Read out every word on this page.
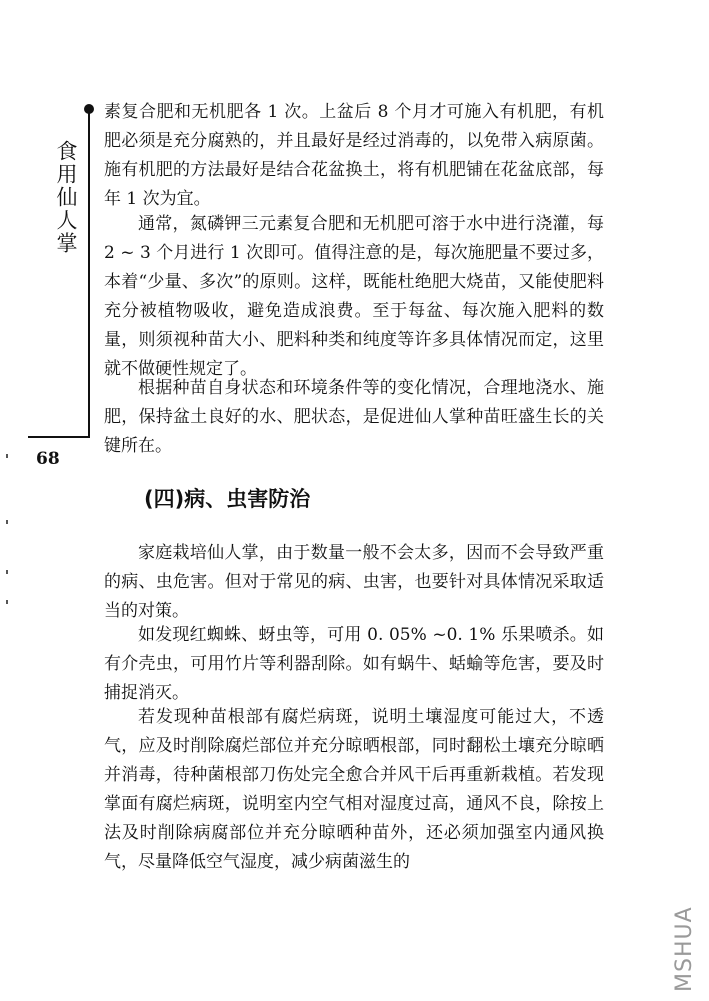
食用仙人掌
68

素复合肥和无机肥各 1 次。上盆后 8 个月才可施入有机肥，有机肥必须是充分腐熟的，并且最好是经过消毒的，以免带入病原菌。施有机肥的方法最好是结合花盆换土，将有机肥铺在花盆底部，每年 1 次为宜。

通常，氮磷钾三元素复合肥和无机肥可溶于水中进行浇灌，每 2 ~ 3 个月进行 1 次即可。值得注意的是，每次施肥量不要过多，本着“少量、多次”的原则。这样，既能杜绝肥大烧苗，又能使肥料充分被植物吸收，避免造成浪费。至于每盆、每次施入肥料的数量，则须视种苗大小、肥料种类和纯度等许多具体情况而定，这里就不做硬性规定了。

根据种苗自身状态和环境条件等的变化情况，合理地浇水、施肥，保持盆土良好的水、肥状态，是促进仙人掌种苗旺盛生长的关键所在。

(四)病、虫害防治

家庭栽培仙人掌，由于数量一般不会太多，因而不会导致严重的病、虫危害。但对于常见的病、虫害，也要针对具体情况采取适当的对策。

如发现红蜘蛛、蚜虫等，可用 0. 05% ~0. 1% 乐果喷杀。如有介壳虫，可用竹片等利器刮除。如有蜗牛、蛞蝓等危害，要及时捕捉消灭。

若发现种苗根部有腐烂病斑，说明土壤湿度可能过大，不透气，应及时削除腐烂部位并充分晾晒根部，同时翻松土壤充分晾晒并消毒，待种菌根部刀伤处完全愈合并风干后再重新栽植。若发现掌面有腐烂病斑，说明室内空气相对湿度过高，通风不良，除按上法及时削除病腐部位并充分晾晒种苗外，还必须加强室内通风换气，尽量降低空气湿度，减少病菌滋生的

MSHUA
